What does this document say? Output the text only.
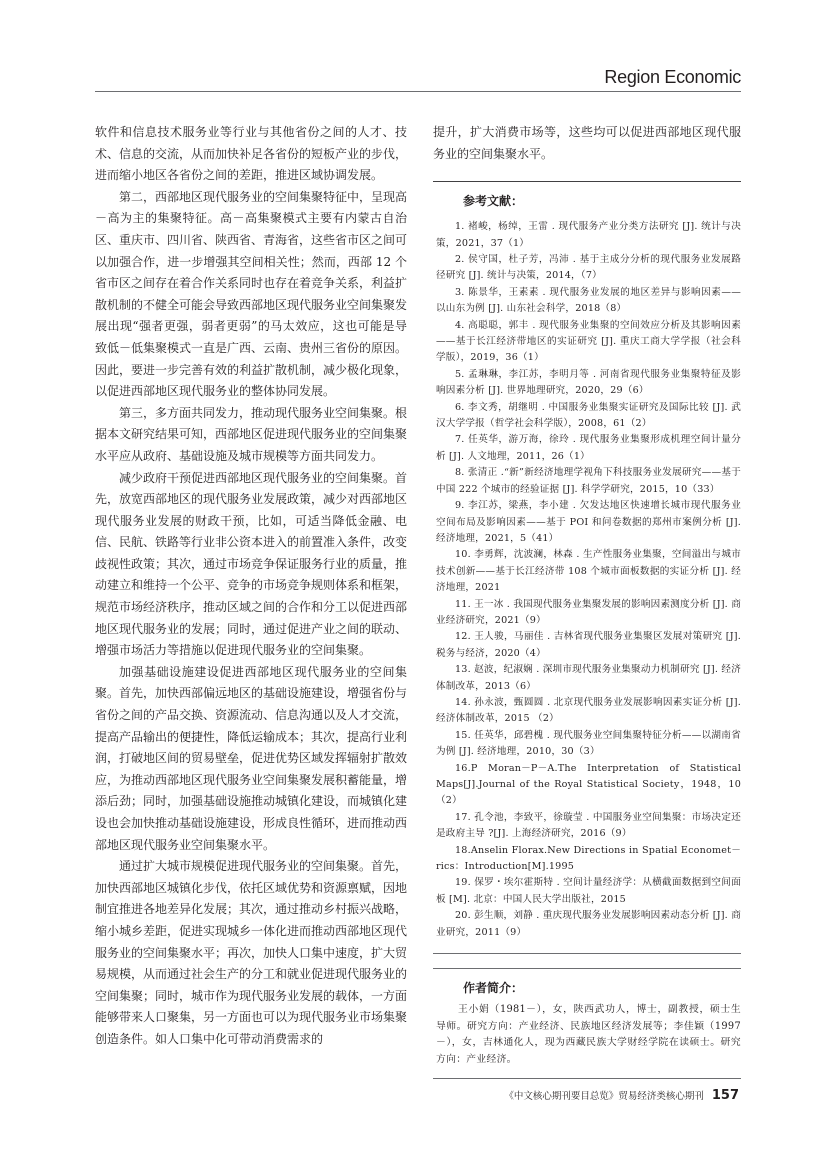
Region Economic

软件和信息技术服务业等行业与其他省份之间的人才、技术、信息的交流，从而加快补足各省份的短板产业的步伐，进而缩小地区各省份之间的差距，推进区域协调发展。

第二，西部地区现代服务业的空间集聚特征中，呈现高－高为主的集聚特征。高－高集聚模式主要有内蒙古自治区、重庆市、四川省、陕西省、青海省，这些省市区之间可以加强合作，进一步增强其空间相关性；然而，西部 12 个省市区之间存在着合作关系同时也存在着竞争关系，利益扩散机制的不健全可能会导致西部地区现代服务业空间集聚发展出现“强者更强，弱者更弱”的马太效应，这也可能是导致低－低集聚模式一直是广西、云南、贵州三省份的原因。因此，要进一步完善有效的利益扩散机制，减少极化现象，以促进西部地区现代服务业的整体协同发展。

第三，多方面共同发力，推动现代服务业空间集聚。根据本文研究结果可知，西部地区促进现代服务业的空间集聚水平应从政府、基础设施及城市规模等方面共同发力。

减少政府干预促进西部地区现代服务业的空间集聚。首先，放宽西部地区的现代服务业发展政策，减少对西部地区现代服务业发展的财政干预，比如，可适当降低金融、电信、民航、铁路等行业非公资本进入的前置准入条件，改变歧视性政策；其次，通过市场竞争保证服务行业的质量，推动建立和维持一个公平、竞争的市场竞争规则体系和框架，规范市场经济秩序，推动区域之间的合作和分工以促进西部地区现代服务业的发展；同时，通过促进产业之间的联动、增强市场活力等措施以促进现代服务业的空间集聚。

加强基础设施建设促进西部地区现代服务业的空间集聚。首先，加快西部偏远地区的基础设施建设，增强省份与省份之间的产品交换、资源流动、信息沟通以及人才交流，提高产品输出的便捷性，降低运输成本；其次，提高行业利润，打破地区间的贸易壁垒，促进优势区域发挥辐射扩散效应，为推动西部地区现代服务业空间集聚发展积蓄能量，增添后劲；同时，加强基础设施推动城镇化建设，而城镇化建设也会加快推动基础设施建设，形成良性循环，进而推动西部地区现代服务业空间集聚水平。

通过扩大城市规模促进现代服务业的空间集聚。首先，加快西部地区城镇化步伐，依托区域优势和资源禀赋，因地制宜推进各地差异化发展；其次，通过推动乡村振兴战略，缩小城乡差距，促进实现城乡一体化进而推动西部地区现代服务业的空间集聚水平；再次，加快人口集中速度，扩大贸易规模，从而通过社会生产的分工和就业促进现代服务业的空间集聚；同时，城市作为现代服务业发展的载体，一方面能够带来人口聚集，另一方面也可以为现代服务业市场集聚创造条件。如人口集中化可带动消费需求的

提升，扩大消费市场等，这些均可以促进西部地区现代服务业的空间集聚水平。

参考文献：
1. 褚峻，杨绰，王雷 . 现代服务产业分类方法研究 [J]. 统计与决策，2021，37（1）
2. 侯守国，杜子芳，冯沛 . 基于主成分分析的现代服务业发展路径研究 [J]. 统计与决策，2014，（7）
3. 陈景华，王素素 . 现代服务业发展的地区差异与影响因素——以山东为例 [J]. 山东社会科学，2018（8）
4. 高聪聪，郭丰 . 现代服务业集聚的空间效应分析及其影响因素——基于长江经济带地区的实证研究 [J]. 重庆工商大学学报（社会科学版），2019，36（1）
5. 孟琳琳，李江苏，李明月等 . 河南省现代服务业集聚特征及影响因素分析 [J]. 世界地理研究，2020，29（6）
6. 李文秀，胡继明 . 中国服务业集聚实证研究及国际比较 [J]. 武汉大学学报（哲学社会科学版），2008，61（2）
7. 任英华，游万海，徐玲 . 现代服务业集聚形成机理空间计量分析 [J]. 人文地理，2011，26（1）
8. 张清正 .“新”新经济地理学视角下科技服务业发展研究——基于中国 222 个城市的经验证据 [J]. 科学学研究，2015，10（33）
9. 李江苏，梁燕，李小建 . 欠发达地区快速增长城市现代服务业空间布局及影响因素——基于 POI 和问卷数据的郑州市案例分析 [J]. 经济地理，2021，5（41）
10. 李勇辉，沈波澜，林森 . 生产性服务业集聚，空间溢出与城市技术创新——基于长江经济带 108 个城市面板数据的实证分析 [J]. 经济地理，2021
11. 王一冰 . 我国现代服务业集聚发展的影响因素测度分析 [J]. 商业经济研究，2021（9）
12. 王人骏，马丽佳 . 吉林省现代服务业集聚区发展对策研究 [J]. 税务与经济，2020（4）
13. 赵波，纪淑娴 . 深圳市现代服务业集聚动力机制研究 [J]. 经济体制改革，2013（6）
14. 孙永波，甄圆圆 . 北京现代服务业发展影响因素实证分析 [J]. 经济体制改革，2015 （2）
15. 任英华，邱碧槐 . 现代服务业空间集聚特征分析——以湖南省为例 [J]. 经济地理，2010，30（3）
16.P Moran－P－A.The Interpretation of Statistical Maps[J].Journal of the Royal Statistical Society，1948，10（2）
17. 孔令池，李致平，徐璇莹 . 中国服务业空间集聚：市场决定还是政府主导 ?[J]. 上海经济研究，2016（9）
18.Anselin Florax.New Directions in Spatial Economet－rics：Introduction[M].1995
19. 保罗・埃尔霍斯特 . 空间计量经济学：从横截面数据到空间面板 [M]. 北京：中国人民大学出版社，2015
20. 彭生顺，刘静 . 重庆现代服务业发展影响因素动态分析 [J]. 商业研究，2011（9）
作者简介：

王小娟（1981－），女，陕西武功人，博士，副教授，硕士生导师。研究方向：产业经济、民族地区经济发展等；李佳颖（1997－），女，吉林通化人，现为西藏民族大学财经学院在读硕士。研究方向：产业经济。

《中文核心期刊要目总览》贸易经济类核心期刊 157
